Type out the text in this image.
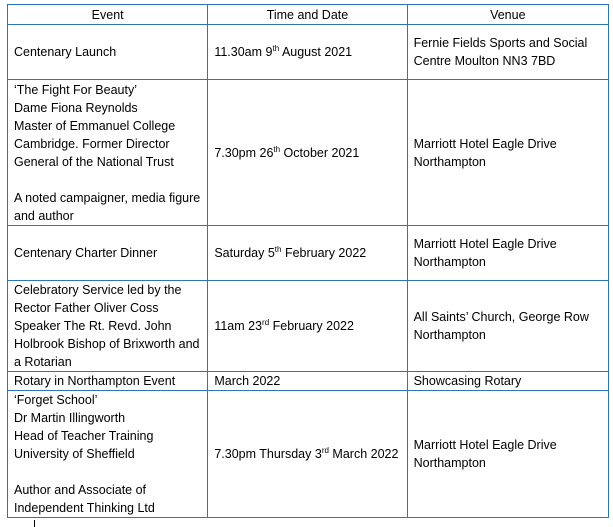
Event	Time and Date	Venue
Centenary Launch	11.30am 9th August 2021	Fernie Fields Sports and Social Centre Moulton NN3 7BD
‘The Fight For Beauty’
Dame Fiona Reynolds
Master of Emmanuel College Cambridge. Former Director General of the National Trust

A noted campaigner, media figure and author	7.30pm 26th October 2021	Marriott Hotel Eagle Drive Northampton
Centenary Charter Dinner	Saturday 5th February 2022	Marriott Hotel Eagle Drive Northampton
Celebratory Service led by the Rector Father Oliver Coss Speaker The Rt. Revd. John Holbrook Bishop of Brixworth and a Rotarian	11am 23rd February 2022	All Saints’ Church, George Row Northampton
Rotary in Northampton Event	March 2022	Showcasing Rotary
‘Forget School’
Dr Martin Illingworth
Head of Teacher Training University of Sheffield

Author and Associate of Independent Thinking Ltd	7.30pm Thursday 3rd March 2022	Marriott Hotel Eagle Drive Northampton
